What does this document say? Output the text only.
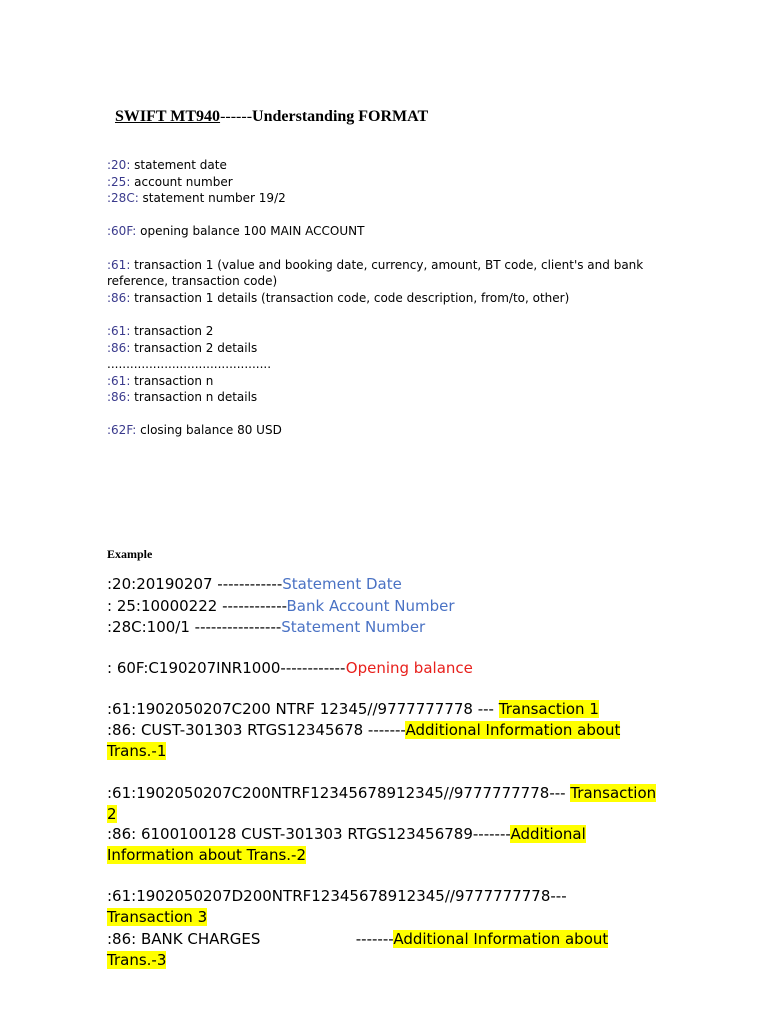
SWIFT MT940------Understanding FORMAT
:20: statement date
:25: account number
:28C: statement number 19/2
:60F: opening balance 100 MAIN ACCOUNT
:61: transaction 1 (value and booking date, currency, amount, BT code, client's and bank
reference, transaction code)
:86: transaction 1 details (transaction code, code description, from/to, other)
:61: transaction 2
:86: transaction 2 details
...........................................
:61: transaction n
:86: transaction n details
:62F: closing balance 80 USD
Example
:20:20190207 ------------Statement Date
: 25:10000222 ------------Bank Account Number
:28C:100/1 ----------------Statement Number
: 60F:C190207INR1000------------Opening balance
:61:1902050207C200 NTRF 12345//9777777778 --- Transaction 1
:86: CUST-301303 RTGS12345678 -------Additional Information about
Trans.-1
:61:1902050207C200NTRF12345678912345//9777777778--- Transaction
2
:86: 6100100128 CUST-301303 RTGS123456789-------Additional
Information about Trans.-2
:61:1902050207D200NTRF12345678912345//9777777778---
Transaction 3
:86: BANK CHARGES                    -------Additional Information about
Trans.-3
